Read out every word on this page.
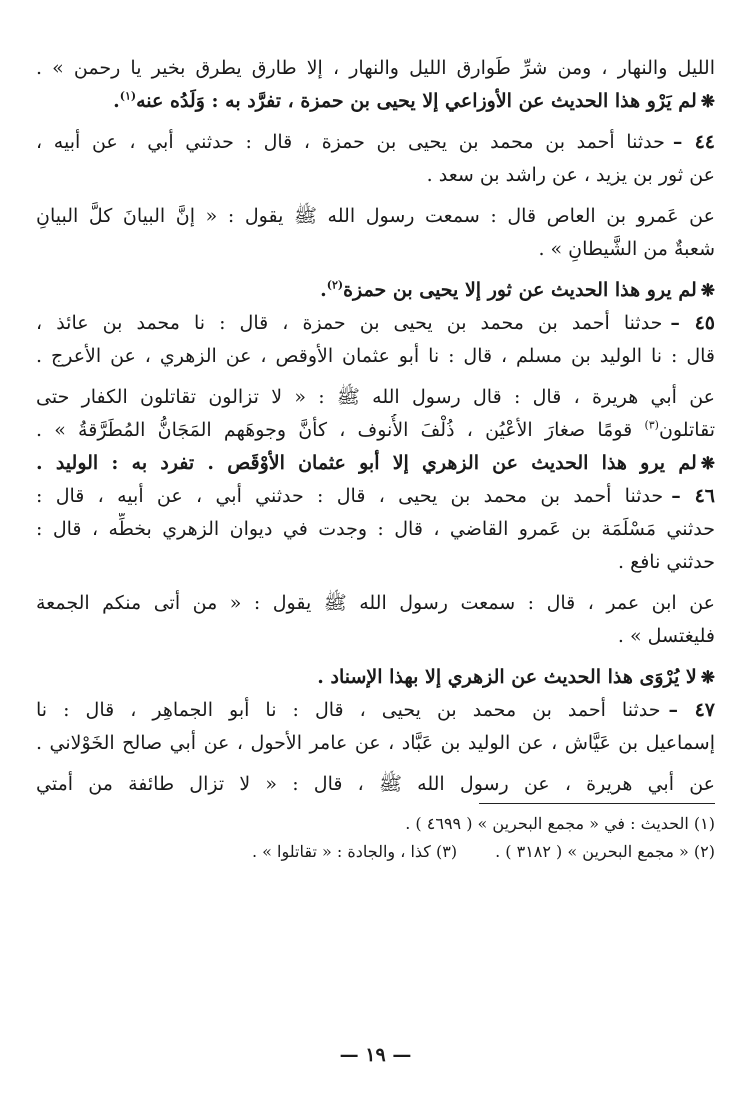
الليل والنهار ، ومن شرِّ طَوارق الليل والنهار ، إلا طارق يطرق بخير يا رحمن » .
❋لم يَرْو هذا الحديث عن الأوزاعي إلا يحيى بن حمزة ، تفرَّد به : وَلَدُه عنه$^{(١)}$.
٤٤ –حدثنا أحمد بن محمد بن يحيى بن حمزة ، قال : حدثني أبي ، عن أبيه ،
عن ثور بن يزيد ، عن راشد بن سعد .
عن عَمرو بن العاص قال : سمعت رسول الله ﷺ يقول : « إنَّ البيانَ كلَّ البيانِ
شعبةٌ من الشَّيطانِ » .
❋لم يرو هذا الحديث عن ثور إلا يحيى بن حمزة$^{(٢)}$.
٤٥ –حدثنا أحمد بن محمد بن يحيى بن حمزة ، قال : نا محمد بن عائذ ،
قال : نا الوليد بن مسلم ، قال : نا أبو عثمان الأوقص ، عن الزهري ، عن الأعرج .
عن أبي هريرة ، قال : قال رسول الله ﷺ : « لا تزالون تقاتلون الكفار حتى
تقاتلون$^{(٣)}$ قومًا صغارَ الأعْيُن ، ذُلْفَ الأُنوف ، كأنَّ وجوهَهم المَجَانُّ المُطَرَّقةُ » .
❋لم يرو هذا الحديث عن الزهري إلا أبو عثمان الأوْقَص . تفرد به : الوليد .
٤٦ –حدثنا أحمد بن محمد بن يحيى ، قال : حدثني أبي ، عن أبيه ، قال :
حدثني مَسْلَمَة بن عَمرو القاضي ، قال : وجدت في ديوان الزهري بخطِّه ، قال :
حدثني نافع .
عن ابن عمر ، قال : سمعت رسول الله ﷺ يقول : « من أتى منكم الجمعة
فليغتسل » .
❋لا يُرْوَى هذا الحديث عن الزهري إلا بهذا الإسناد .
٤٧ –حدثنا أحمد بن محمد بن يحيى ، قال : نا أبو الجماهِر ، قال : نا
إسماعيل بن عَيَّاش ، عن الوليد بن عَبَّاد ، عن عامر الأحول ، عن أبي صالح الخَوْلاني .
عن أبي هريرة ، عن رسول الله ﷺ ، قال : « لا تزال طائفة من أمتي
(١) الحديث : في « مجمع البحرين » ( ٤٦٩٩ ) .
(٢) « مجمع البحرين » ( ٣١٨٢ ) .(٣) كذا ، والجادة : « تقاتلوا » .
— ١٩ —
